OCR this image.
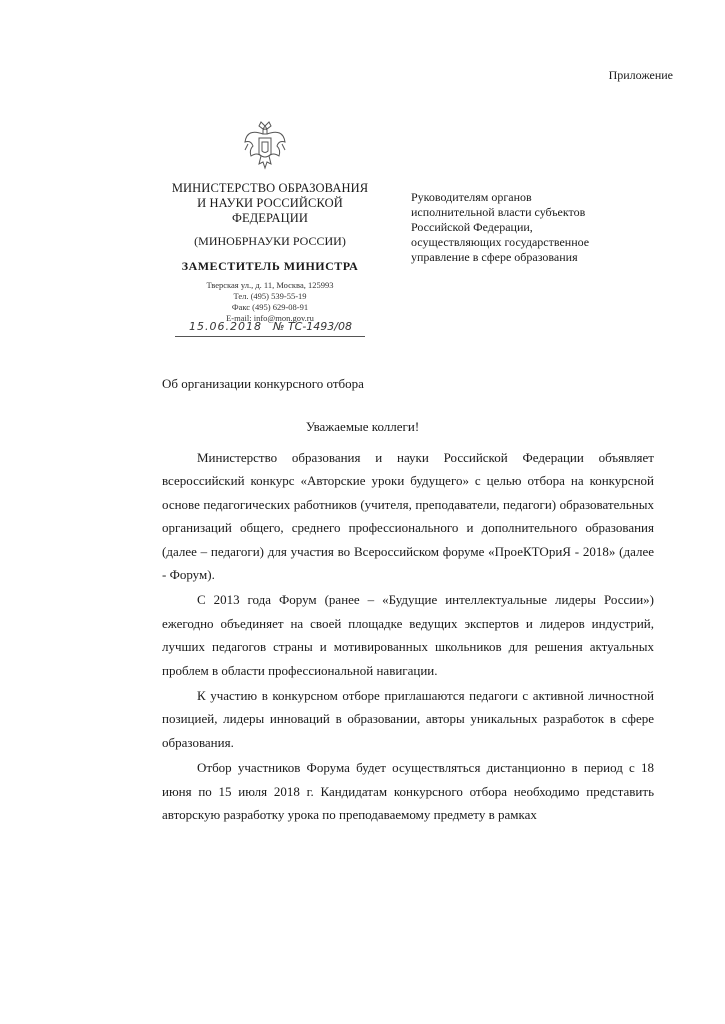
Приложение
МИНИСТЕРСТВО ОБРАЗОВАНИЯ
И НАУКИ РОССИЙСКОЙ
ФЕДЕРАЦИИ
(МИНОБРНАУКИ РОССИИ)
ЗАМЕСТИТЕЛЬ МИНИСТРА
Тверская ул., д. 11, Москва, 125993
Тел. (495) 539-55-19
Факс (495) 629-08-91
E-mail: info@mon.gov.ru
15.06.2018 № ТС-1493/08
Руководителям органов
исполнительной власти субъектов
Российской Федерации,
осуществляющих государственное
управление в сфере образования
Об организации конкурсного отбора
Уважаемые коллеги!

Министерство образования и науки Российской Федерации объявляет всероссийский конкурс «Авторские уроки будущего» с целью отбора на конкурсной основе педагогических работников (учителя, преподаватели, педагоги) образовательных организаций общего, среднего профессионального и дополнительного образования (далее – педагоги) для участия во Всероссийском форуме «ПроеКТОриЯ - 2018» (далее - Форум).

С 2013 года Форум (ранее – «Будущие интеллектуальные лидеры России») ежегодно объединяет на своей площадке ведущих экспертов и лидеров индустрий, лучших педагогов страны и мотивированных школьников для решения актуальных проблем в области профессиональной навигации.

К участию в конкурсном отборе приглашаются педагоги с активной личностной позицией, лидеры инноваций в образовании, авторы уникальных разработок в сфере образования.

Отбор участников Форума будет осуществляться дистанционно в период с 18 июня по 15 июля 2018 г. Кандидатам конкурсного отбора необходимо представить авторскую разработку урока по преподаваемому предмету в рамках
